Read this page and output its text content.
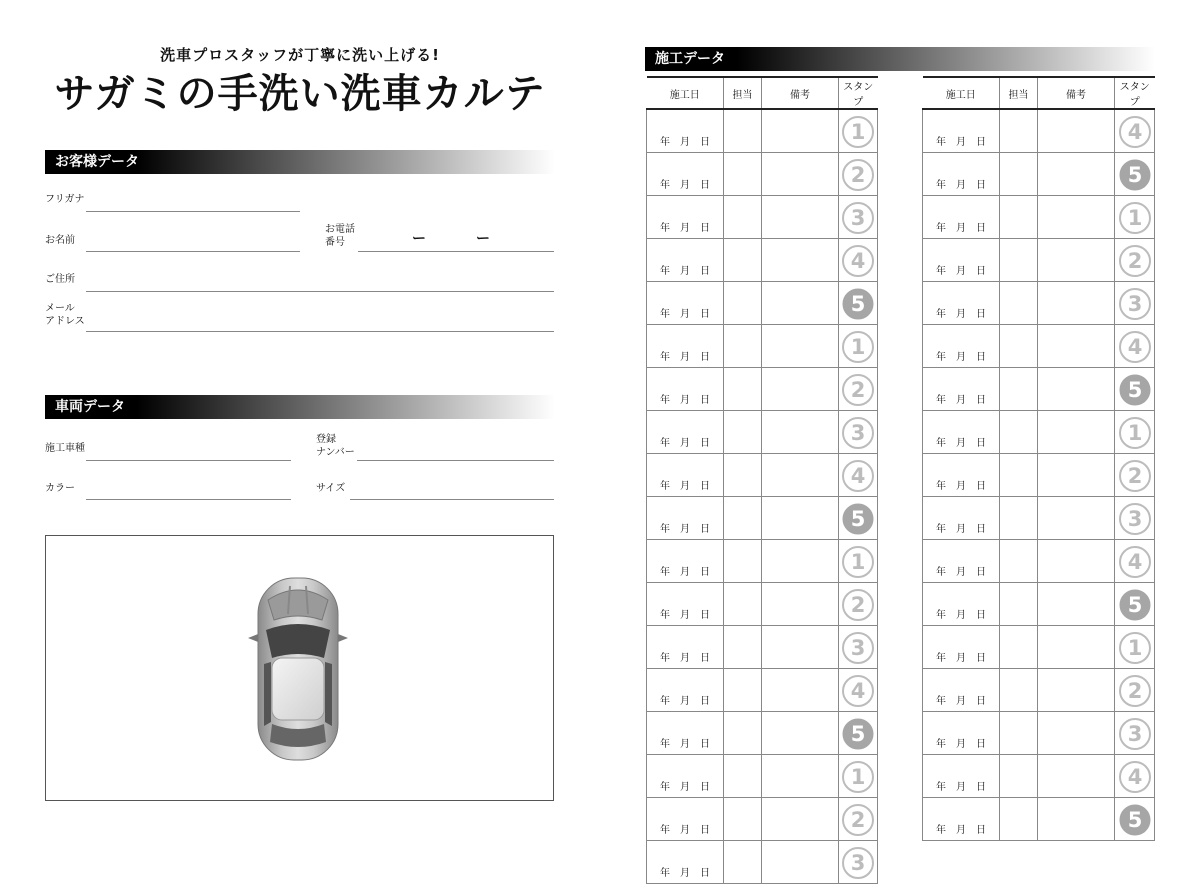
洗車プロスタッフが丁寧に洗い上げる!
サガミの手洗い洗車カルテ
お客様データ
フリガナ
お名前
お電話
番号	ー	ー
ご住所
メール
アドレス
車両データ
施工車種
登録
ナンバー
カラー	サイズ
施工データ
施工日	担当	備考	スタンプ
年 月 日			1

年 月 日			2

年 月 日			3

年 月 日			4

年 月 日			5

年 月 日			1

年 月 日			2

年 月 日			3

年 月 日			4

年 月 日			5

年 月 日			1

年 月 日			2

年 月 日			3

年 月 日			4

年 月 日			5

年 月 日			1

年 月 日			2

年 月 日			3
施工日	担当	備考	スタンプ
年 月 日			4

年 月 日			5

年 月 日			1

年 月 日			2

年 月 日			3

年 月 日			4

年 月 日			5

年 月 日			1

年 月 日			2

年 月 日			3

年 月 日			4

年 月 日			5

年 月 日			1

年 月 日			2

年 月 日			3

年 月 日			4

年 月 日			5
